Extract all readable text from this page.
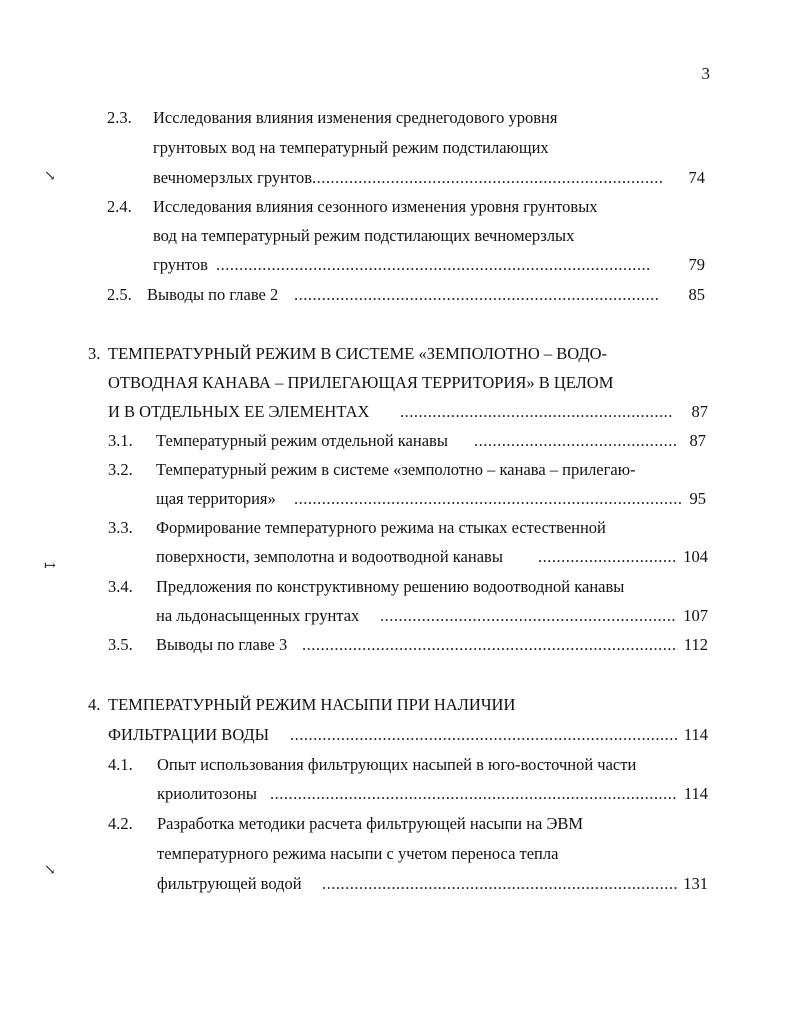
3
↘
↦
↘
2.3. Исследования влияния изменения среднегодового уровня
грунтовых вод на температурный режим подстилающих
вечномерзлых грунтов .....	74
2.4. Исследования влияния сезонного изменения уровня грунтовых
вод на температурный режим подстилающих вечномерзлых
грунтов .....	79
2.5. Выводы по главе 2 .....	85
3. ТЕМПЕРАТУРНЫЙ РЕЖИМ В СИСТЕМЕ «ЗЕМПОЛОТНО – ВОДО-
ОТВОДНАЯ КАНАВА – ПРИЛЕГАЮЩАЯ ТЕРРИТОРИЯ» В ЦЕЛОМ
И В ОТДЕЛЬНЫХ ЕЕ ЭЛЕМЕНТАХ .....	87
3.1. Температурный режим отдельной канавы .....	87
3.2. Температурный режим в системе «земполотно – канава – прилегаю-
щая территория» .....	95
3.3. Формирование температурного режима на стыках естественной
поверхности, земполотна и водоотводной канавы .....	104
3.4. Предложения по конструктивному решению водоотводной канавы
на льдонасыщенных грунтах .....	107
3.5. Выводы по главе 3 .....	112
4. ТЕМПЕРАТУРНЫЙ РЕЖИМ НАСЫПИ ПРИ НАЛИЧИИ
ФИЛЬТРАЦИИ ВОДЫ .....	114
4.1. Опыт использования фильтрующих насыпей в юго-восточной части
криолитозоны .....	114
4.2. Разработка методики расчета фильтрующей насыпи на ЭВМ
температурного режима насыпи с учетом переноса тепла
фильтрующей водой .....	131
